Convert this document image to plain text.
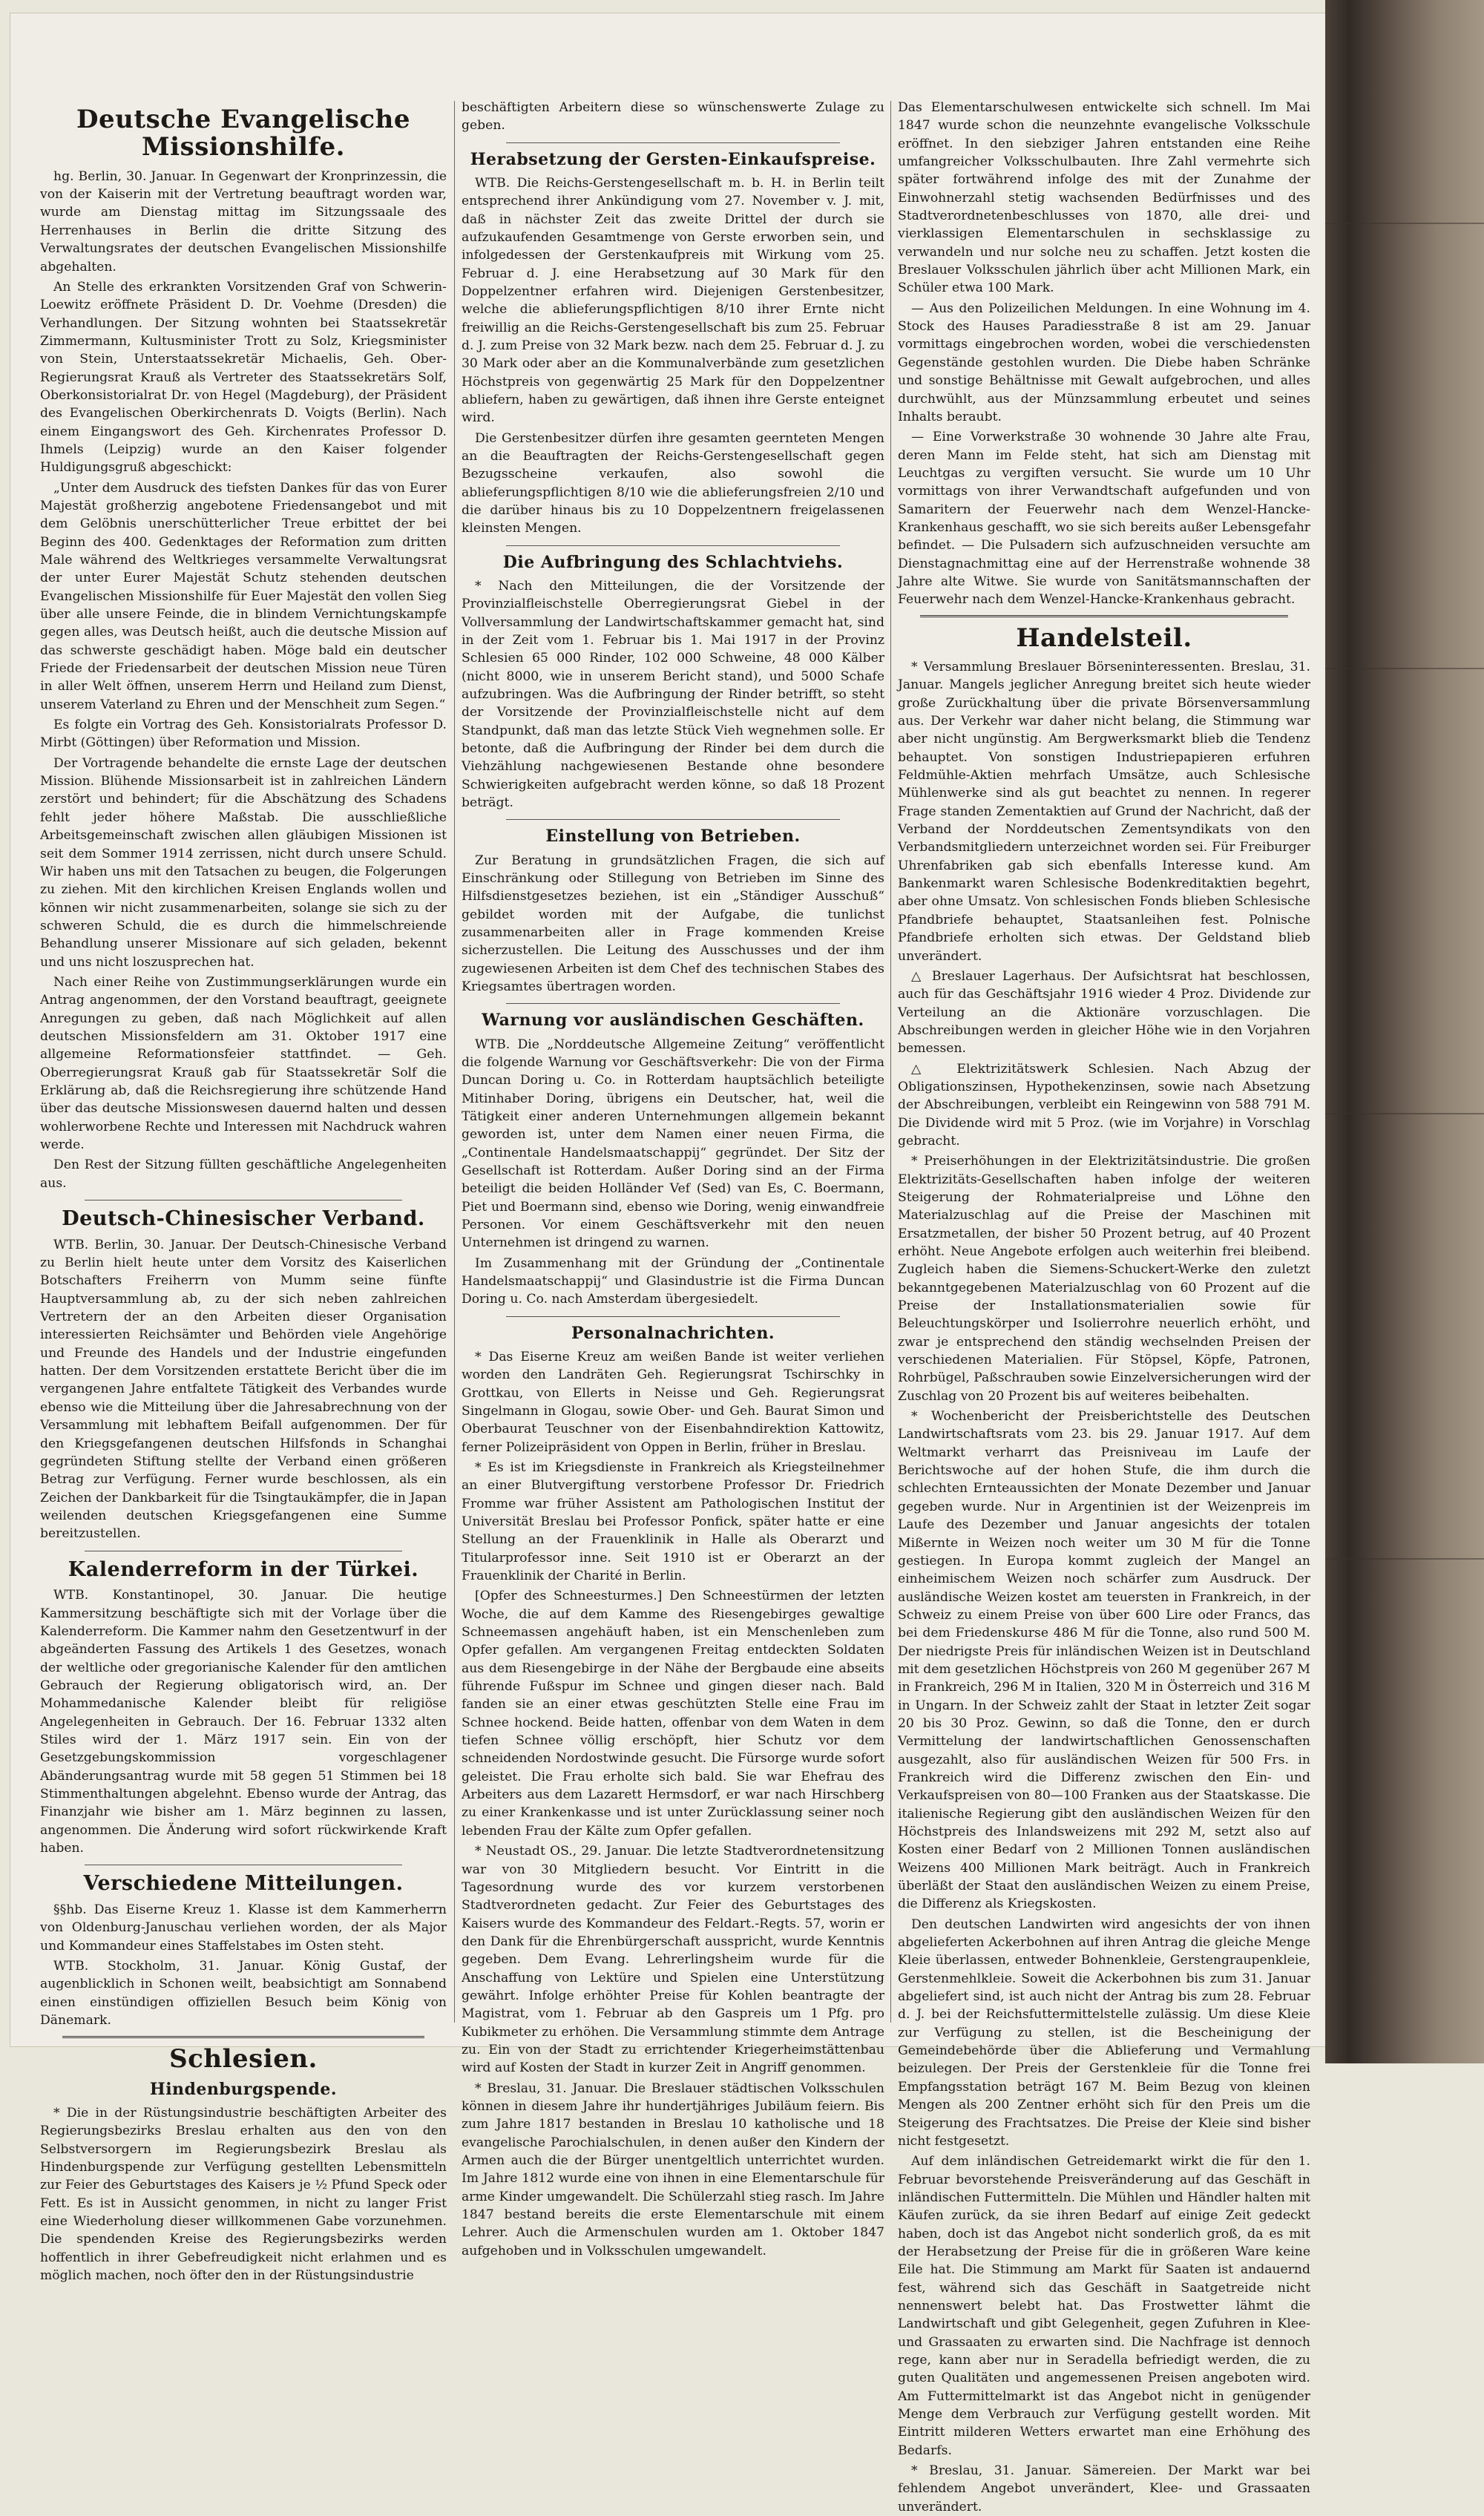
Deutsche Evangelische Missionshilfe.

hg. Berlin, 30. Januar. In Gegenwart der Kronprinzessin, die von der Kaiserin mit der Vertretung beauftragt worden war, wurde am Dienstag mittag im Sitzungssaale des Herrenhauses in Berlin die dritte Sitzung des Verwaltungsrates der deutschen Evangelischen Missionshilfe abgehalten.

An Stelle des erkrankten Vorsitzenden Graf von Schwerin-Loewitz eröffnete Präsident D. Dr. Voehme (Dresden) die Verhandlungen. Der Sitzung wohnten bei Staatssekretär Zimmermann, Kultusminister Trott zu Solz, Kriegsminister von Stein, Unterstaatssekretär Michaelis, Geh. Ober-Regierungsrat Krauß als Vertreter des Staatssekretärs Solf, Oberkonsistorialrat Dr. von Hegel (Magdeburg), der Präsident des Evangelischen Oberkirchenrats D. Voigts (Berlin). Nach einem Eingangswort des Geh. Kirchenrates Professor D. Ihmels (Leipzig) wurde an den Kaiser folgender Huldigungsgruß abgeschickt:

„Unter dem Ausdruck des tiefsten Dankes für das von Eurer Majestät großherzig angebotene Friedensangebot und mit dem Gelöbnis unerschütterlicher Treue erbittet der bei Beginn des 400. Gedenktages der Reformation zum dritten Male während des Weltkrieges versammelte Verwaltungsrat der unter Eurer Majestät Schutz stehenden deutschen Evangelischen Missionshilfe für Euer Majestät den vollen Sieg über alle unsere Feinde, die in blindem Vernichtungskampfe gegen alles, was Deutsch heißt, auch die deutsche Mission auf das schwerste geschädigt haben. Möge bald ein deutscher Friede der Friedensarbeit der deutschen Mission neue Türen in aller Welt öffnen, unserem Herrn und Heiland zum Dienst, unserem Vaterland zu Ehren und der Menschheit zum Segen.“

Es folgte ein Vortrag des Geh. Konsistorialrats Professor D. Mirbt (Göttingen) über Reformation und Mission.

Der Vortragende behandelte die ernste Lage der deutschen Mission. Blühende Missionsarbeit ist in zahlreichen Ländern zerstört und behindert; für die Abschätzung des Schadens fehlt jeder höhere Maßstab. Die ausschließliche Arbeitsgemeinschaft zwischen allen gläubigen Missionen ist seit dem Sommer 1914 zerrissen, nicht durch unsere Schuld. Wir haben uns mit den Tatsachen zu beugen, die Folgerungen zu ziehen. Mit den kirchlichen Kreisen Englands wollen und können wir nicht zusammenarbeiten, solange sie sich zu der schweren Schuld, die es durch die himmelschreiende Behandlung unserer Missionare auf sich geladen, bekennt und uns nicht loszusprechen hat.

Nach einer Reihe von Zustimmungserklärungen wurde ein Antrag angenommen, der den Vorstand beauftragt, geeignete Anregungen zu geben, daß nach Möglichkeit auf allen deutschen Missionsfeldern am 31. Oktober 1917 eine allgemeine Reformationsfeier stattfindet. — Geh. Oberregierungsrat Krauß gab für Staatssekretär Solf die Erklärung ab, daß die Reichsregierung ihre schützende Hand über das deutsche Missionswesen dauernd halten und dessen wohlerworbene Rechte und Interessen mit Nachdruck wahren werde.

Den Rest der Sitzung füllten geschäftliche Angelegenheiten aus.

Deutsch-Chinesischer Verband.

WTB. Berlin, 30. Januar. Der Deutsch-Chinesische Verband zu Berlin hielt heute unter dem Vorsitz des Kaiserlichen Botschafters Freiherrn von Mumm seine fünfte Hauptversammlung ab, zu der sich neben zahlreichen Vertretern der an den Arbeiten dieser Organisation interessierten Reichsämter und Behörden viele Angehörige und Freunde des Handels und der Industrie eingefunden hatten. Der dem Vorsitzenden erstattete Bericht über die im vergangenen Jahre entfaltete Tätigkeit des Verbandes wurde ebenso wie die Mitteilung über die Jahresabrechnung von der Versammlung mit lebhaftem Beifall aufgenommen. Der für den Kriegsgefangenen deutschen Hilfsfonds in Schanghai gegründeten Stiftung stellte der Verband einen größeren Betrag zur Verfügung. Ferner wurde beschlossen, als ein Zeichen der Dankbarkeit für die Tsingtaukämpfer, die in Japan weilenden deutschen Kriegsgefangenen eine Summe bereitzustellen.

Kalenderreform in der Türkei.

WTB. Konstantinopel, 30. Januar. Die heutige Kammersitzung beschäftigte sich mit der Vorlage über die Kalenderreform. Die Kammer nahm den Gesetzentwurf in der abgeänderten Fassung des Artikels 1 des Gesetzes, wonach der weltliche oder gregorianische Kalender für den amtlichen Gebrauch der Regierung obligatorisch wird, an. Der Mohammedanische Kalender bleibt für religiöse Angelegenheiten in Gebrauch. Der 16. Februar 1332 alten Stiles wird der 1. März 1917 sein. Ein von der Gesetzgebungskommission vorgeschlagener Abänderungsantrag wurde mit 58 gegen 51 Stimmen bei 18 Stimmenthaltungen abgelehnt. Ebenso wurde der Antrag, das Finanzjahr wie bisher am 1. März beginnen zu lassen, angenommen. Die Änderung wird sofort rückwirkende Kraft haben.

Verschiedene Mitteilungen.

§§hb. Das Eiserne Kreuz 1. Klasse ist dem Kammerherrn von Oldenburg-Januschau verliehen worden, der als Major und Kommandeur eines Staffelstabes im Osten steht.

WTB. Stockholm, 31. Januar. König Gustaf, der augenblicklich in Schonen weilt, beabsichtigt am Sonnabend einen einstündigen offiziellen Besuch beim König von Dänemark.

Schlesien.
Hindenburgspende.

* Die in der Rüstungsindustrie beschäftigten Arbeiter des Regierungsbezirks Breslau erhalten aus den von den Selbstversorgern im Regierungsbezirk Breslau als Hindenburgspende zur Verfügung gestellten Lebensmitteln zur Feier des Geburtstages des Kaisers je ½ Pfund Speck oder Fett. Es ist in Aussicht genommen, in nicht zu langer Frist eine Wiederholung dieser willkommenen Gabe vorzunehmen. Die spendenden Kreise des Regierungsbezirks werden hoffentlich in ihrer Gebefreudigkeit nicht erlahmen und es möglich machen, noch öfter den in der Rüstungsindustrie

beschäftigten Arbeitern diese so wünschenswerte Zulage zu geben.

Herabsetzung der Gersten-Einkaufspreise.

WTB. Die Reichs-Gerstengesellschaft m. b. H. in Berlin teilt entsprechend ihrer Ankündigung vom 27. November v. J. mit, daß in nächster Zeit das zweite Drittel der durch sie aufzukaufenden Gesamtmenge von Gerste erworben sein, und infolgedessen der Gerstenkaufpreis mit Wirkung vom 25. Februar d. J. eine Herabsetzung auf 30 Mark für den Doppelzentner erfahren wird. Diejenigen Gerstenbesitzer, welche die ablieferungspflichtigen 8/10 ihrer Ernte nicht freiwillig an die Reichs-Gerstengesellschaft bis zum 25. Februar d. J. zum Preise von 32 Mark bezw. nach dem 25. Februar d. J. zu 30 Mark oder aber an die Kommunalverbände zum gesetzlichen Höchstpreis von gegenwärtig 25 Mark für den Doppelzentner abliefern, haben zu gewärtigen, daß ihnen ihre Gerste enteignet wird.

Die Gerstenbesitzer dürfen ihre gesamten geernteten Mengen an die Beauftragten der Reichs-Gerstengesellschaft gegen Bezugsscheine verkaufen, also sowohl die ablieferungspflichtigen 8/10 wie die ablieferungsfreien 2/10 und die darüber hinaus bis zu 10 Doppelzentnern freigelassenen kleinsten Mengen.

Die Aufbringung des Schlachtviehs.

* Nach den Mitteilungen, die der Vorsitzende der Provinzialfleischstelle Oberregierungsrat Giebel in der Vollversammlung der Landwirtschaftskammer gemacht hat, sind in der Zeit vom 1. Februar bis 1. Mai 1917 in der Provinz Schlesien 65 000 Rinder, 102 000 Schweine, 48 000 Kälber (nicht 8000, wie in unserem Bericht stand), und 5000 Schafe aufzubringen. Was die Aufbringung der Rinder betrifft, so steht der Vorsitzende der Provinzialfleischstelle nicht auf dem Standpunkt, daß man das letzte Stück Vieh wegnehmen solle. Er betonte, daß die Aufbringung der Rinder bei dem durch die Viehzählung nachgewiesenen Bestande ohne besondere Schwierigkeiten aufgebracht werden könne, so daß 18 Prozent beträgt.

Einstellung von Betrieben.

Zur Beratung in grundsätzlichen Fragen, die sich auf Einschränkung oder Stillegung von Betrieben im Sinne des Hilfsdienstgesetzes beziehen, ist ein „Ständiger Ausschuß“ gebildet worden mit der Aufgabe, die tunlichst zusammenarbeiten aller in Frage kommenden Kreise sicherzustellen. Die Leitung des Ausschusses und der ihm zugewiesenen Arbeiten ist dem Chef des technischen Stabes des Kriegsamtes übertragen worden.

Warnung vor ausländischen Geschäften.

WTB. Die „Norddeutsche Allgemeine Zeitung“ veröffentlicht die folgende Warnung vor Geschäftsverkehr: Die von der Firma Duncan Doring u. Co. in Rotterdam hauptsächlich beteiligte Mitinhaber Doring, übrigens ein Deutscher, hat, weil die Tätigkeit einer anderen Unternehmungen allgemein bekannt geworden ist, unter dem Namen einer neuen Firma, die „Continentale Handelsmaatschappij“ gegründet. Der Sitz der Gesellschaft ist Rotterdam. Außer Doring sind an der Firma beteiligt die beiden Holländer Vef (Sed) van Es, C. Boermann, Piet und Boermann sind, ebenso wie Doring, wenig einwandfreie Personen. Vor einem Geschäftsverkehr mit den neuen Unternehmen ist dringend zu warnen.

Im Zusammenhang mit der Gründung der „Continentale Handelsmaatschappij“ und Glasindustrie ist die Firma Duncan Doring u. Co. nach Amsterdam übergesiedelt.

Personalnachrichten.

* Das Eiserne Kreuz am weißen Bande ist weiter verliehen worden den Landräten Geh. Regierungsrat Tschirschky in Grottkau, von Ellerts in Neisse und Geh. Regierungsrat Singelmann in Glogau, sowie Ober- und Geh. Baurat Simon und Oberbaurat Teuschner von der Eisenbahndirektion Kattowitz, ferner Polizeipräsident von Oppen in Berlin, früher in Breslau.

* Es ist im Kriegsdienste in Frankreich als Kriegsteilnehmer an einer Blutvergiftung verstorbene Professor Dr. Friedrich Fromme war früher Assistent am Pathologischen Institut der Universität Breslau bei Professor Ponfick, später hatte er eine Stellung an der Frauenklinik in Halle als Oberarzt und Titularprofessor inne. Seit 1910 ist er Oberarzt an der Frauenklinik der Charité in Berlin.

[Opfer des Schneesturmes.] Den Schneestürmen der letzten Woche, die auf dem Kamme des Riesengebirges gewaltige Schneemassen angehäuft haben, ist ein Menschenleben zum Opfer gefallen. Am vergangenen Freitag entdeckten Soldaten aus dem Riesengebirge in der Nähe der Bergbaude eine abseits führende Fußspur im Schnee und gingen dieser nach. Bald fanden sie an einer etwas geschützten Stelle eine Frau im Schnee hockend. Beide hatten, offenbar von dem Waten in dem tiefen Schnee völlig erschöpft, hier Schutz vor dem schneidenden Nordostwinde gesucht. Die Fürsorge wurde sofort geleistet. Die Frau erholte sich bald. Sie war Ehefrau des Arbeiters aus dem Lazarett Hermsdorf, er war nach Hirschberg zu einer Krankenkasse und ist unter Zurücklassung seiner noch lebenden Frau der Kälte zum Opfer gefallen.

* Neustadt OS., 29. Januar. Die letzte Stadtverordnetensitzung war von 30 Mitgliedern besucht. Vor Eintritt in die Tagesordnung wurde des vor kurzem verstorbenen Stadtverordneten gedacht. Zur Feier des Geburtstages des Kaisers wurde des Kommandeur des Feldart.-Regts. 57, worin er den Dank für die Ehrenbürgerschaft ausspricht, wurde Kenntnis gegeben. Dem Evang. Lehrerlingsheim wurde für die Anschaffung von Lektüre und Spielen eine Unterstützung gewährt. Infolge erhöhter Preise für Kohlen beantragte der Magistrat, vom 1. Februar ab den Gaspreis um 1 Pfg. pro Kubikmeter zu erhöhen. Die Versammlung stimmte dem Antrage zu. Ein von der Stadt zu errichtender Kriegerheimstättenbau wird auf Kosten der Stadt in kurzer Zeit in Angriff genommen.

* Breslau, 31. Januar. Die Breslauer städtischen Volksschulen können in diesem Jahre ihr hundertjähriges Jubiläum feiern. Bis zum Jahre 1817 bestanden in Breslau 10 katholische und 18 evangelische Parochialschulen, in denen außer den Kindern der Armen auch die der Bürger unentgeltlich unterrichtet wurden. Im Jahre 1812 wurde eine von ihnen in eine Elementarschule für arme Kinder umgewandelt. Die Schülerzahl stieg rasch. Im Jahre 1847 bestand bereits die erste Elementarschule mit einem Lehrer. Auch die Armenschulen wurden am 1. Oktober 1847 aufgehoben und in Volksschulen umgewandelt.

Das Elementarschulwesen entwickelte sich schnell. Im Mai 1847 wurde schon die neunzehnte evangelische Volksschule eröffnet. In den siebziger Jahren entstanden eine Reihe umfangreicher Volksschulbauten. Ihre Zahl vermehrte sich später fortwährend infolge des mit der Zunahme der Einwohnerzahl stetig wachsenden Bedürfnisses und des Stadtverordnetenbeschlusses von 1870, alle drei- und vierklassigen Elementarschulen in sechsklassige zu verwandeln und nur solche neu zu schaffen. Jetzt kosten die Breslauer Volksschulen jährlich über acht Millionen Mark, ein Schüler etwa 100 Mark.

— Aus den Polizeilichen Meldungen. In eine Wohnung im 4. Stock des Hauses Paradiesstraße 8 ist am 29. Januar vormittags eingebrochen worden, wobei die verschiedensten Gegenstände gestohlen wurden. Die Diebe haben Schränke und sonstige Behältnisse mit Gewalt aufgebrochen, und alles durchwühlt, aus der Münzsammlung erbeutet und seines Inhalts beraubt.

— Eine Vorwerkstraße 30 wohnende 30 Jahre alte Frau, deren Mann im Felde steht, hat sich am Dienstag mit Leuchtgas zu vergiften versucht. Sie wurde um 10 Uhr vormittags von ihrer Verwandtschaft aufgefunden und von Samaritern der Feuerwehr nach dem Wenzel-Hancke-Krankenhaus geschafft, wo sie sich bereits außer Lebensgefahr befindet. — Die Pulsadern sich aufzuschneiden versuchte am Dienstagnachmittag eine auf der Herrenstraße wohnende 38 Jahre alte Witwe. Sie wurde von Sanitätsmannschaften der Feuerwehr nach dem Wenzel-Hancke-Krankenhaus gebracht.

Handelsteil.

* Versammlung Breslauer Börseninteressenten. Breslau, 31. Januar. Mangels jeglicher Anregung breitet sich heute wieder große Zurückhaltung über die private Börsenversammlung aus. Der Verkehr war daher nicht belang, die Stimmung war aber nicht ungünstig. Am Bergwerksmarkt blieb die Tendenz behauptet. Von sonstigen Industriepapieren erfuhren Feldmühle-Aktien mehrfach Umsätze, auch Schlesische Mühlenwerke sind als gut beachtet zu nennen. In regerer Frage standen Zementaktien auf Grund der Nachricht, daß der Verband der Norddeutschen Zementsyndikats von den Verbandsmitgliedern unterzeichnet worden sei. Für Freiburger Uhrenfabriken gab sich ebenfalls Interesse kund. Am Bankenmarkt waren Schlesische Bodenkreditaktien begehrt, aber ohne Umsatz. Von schlesischen Fonds blieben Schlesische Pfandbriefe behauptet, Staatsanleihen fest. Polnische Pfandbriefe erholten sich etwas. Der Geldstand blieb unverändert.

△ Breslauer Lagerhaus. Der Aufsichtsrat hat beschlossen, auch für das Geschäftsjahr 1916 wieder 4 Proz. Dividende zur Verteilung an die Aktionäre vorzuschlagen. Die Abschreibungen werden in gleicher Höhe wie in den Vorjahren bemessen.

△ Elektrizitätswerk Schlesien. Nach Abzug der Obligationszinsen, Hypothekenzinsen, sowie nach Absetzung der Abschreibungen, verbleibt ein Reingewinn von 588 791 M. Die Dividende wird mit 5 Proz. (wie im Vorjahre) in Vorschlag gebracht.

* Preiserhöhungen in der Elektrizitätsindustrie. Die großen Elektrizitäts-Gesellschaften haben infolge der weiteren Steigerung der Rohmaterialpreise und Löhne den Materialzuschlag auf die Preise der Maschinen mit Ersatzmetallen, der bisher 50 Prozent betrug, auf 40 Prozent erhöht. Neue Angebote erfolgen auch weiterhin frei bleibend. Zugleich haben die Siemens-Schuckert-Werke den zuletzt bekanntgegebenen Materialzuschlag von 60 Prozent auf die Preise der Installationsmaterialien sowie für Beleuchtungskörper und Isolierrohre neuerlich erhöht, und zwar je entsprechend den ständig wechselnden Preisen der verschiedenen Materialien. Für Stöpsel, Köpfe, Patronen, Rohrbügel, Paßschrauben sowie Einzelversicherungen wird der Zuschlag von 20 Prozent bis auf weiteres beibehalten.

* Wochenbericht der Preisberichtstelle des Deutschen Landwirtschaftsrats vom 23. bis 29. Januar 1917. Auf dem Weltmarkt verharrt das Preisniveau im Laufe der Berichtswoche auf der hohen Stufe, die ihm durch die schlechten Ernteaussichten der Monate Dezember und Januar gegeben wurde. Nur in Argentinien ist der Weizenpreis im Laufe des Dezember und Januar angesichts der totalen Mißernte in Weizen noch weiter um 30 M für die Tonne gestiegen. In Europa kommt zugleich der Mangel an einheimischem Weizen noch schärfer zum Ausdruck. Der ausländische Weizen kostet am teuersten in Frankreich, in der Schweiz zu einem Preise von über 600 Lire oder Francs, das bei dem Friedenskurse 486 M für die Tonne, also rund 500 M. Der niedrigste Preis für inländischen Weizen ist in Deutschland mit dem gesetzlichen Höchstpreis von 260 M gegenüber 267 M in Frankreich, 296 M in Italien, 320 M in Österreich und 316 M in Ungarn. In der Schweiz zahlt der Staat in letzter Zeit sogar 20 bis 30 Proz. Gewinn, so daß die Tonne, den er durch Vermittelung der landwirtschaftlichen Genossenschaften ausgezahlt, also für ausländischen Weizen für 500 Frs. in Frankreich wird die Differenz zwischen den Ein- und Verkaufspreisen von 80—100 Franken aus der Staatskasse. Die italienische Regierung gibt den ausländischen Weizen für den Höchstpreis des Inlandsweizens mit 292 M, setzt also auf Kosten einer Bedarf von 2 Millionen Tonnen ausländischen Weizens 400 Millionen Mark beiträgt. Auch in Frankreich überläßt der Staat den ausländischen Weizen zu einem Preise, die Differenz als Kriegskosten.

Den deutschen Landwirten wird angesichts der von ihnen abgelieferten Ackerbohnen auf ihren Antrag die gleiche Menge Kleie überlassen, entweder Bohnenkleie, Gerstengraupenkleie, Gerstenmehlkleie. Soweit die Ackerbohnen bis zum 31. Januar abgeliefert sind, ist auch nicht der Antrag bis zum 28. Februar d. J. bei der Reichsfuttermittelstelle zulässig. Um diese Kleie zur Verfügung zu stellen, ist die Bescheinigung der Gemeindebehörde über die Ablieferung und Vermahlung beizulegen. Der Preis der Gerstenkleie für die Tonne frei Empfangsstation beträgt 167 M. Beim Bezug von kleinen Mengen als 200 Zentner erhöht sich für den Preis um die Steigerung des Frachtsatzes. Die Preise der Kleie sind bisher nicht festgesetzt.

Auf dem inländischen Getreidemarkt wirkt die für den 1. Februar bevorstehende Preisveränderung auf das Geschäft in inländischen Futtermitteln. Die Mühlen und Händler halten mit Käufen zurück, da sie ihren Bedarf auf einige Zeit gedeckt haben, doch ist das Angebot nicht sonderlich groß, da es mit der Herabsetzung der Preise für die in größeren Ware keine Eile hat. Die Stimmung am Markt für Saaten ist andauernd fest, während sich das Geschäft in Saatgetreide nicht nennenswert belebt hat. Das Frostwetter lähmt die Landwirtschaft und gibt Gelegenheit, gegen Zufuhren in Klee- und Grassaaten zu erwarten sind. Die Nachfrage ist dennoch rege, kann aber nur in Seradella befriedigt werden, die zu guten Qualitäten und angemessenen Preisen angeboten wird. Am Futtermittelmarkt ist das Angebot nicht in genügender Menge dem Verbrauch zur Verfügung gestellt worden. Mit Eintritt milderen Wetters erwartet man eine Erhöhung des Bedarfs.

* Breslau, 31. Januar. Sämereien. Der Markt war bei fehlendem Angebot unverändert, Klee- und Grassaaten unverändert.
